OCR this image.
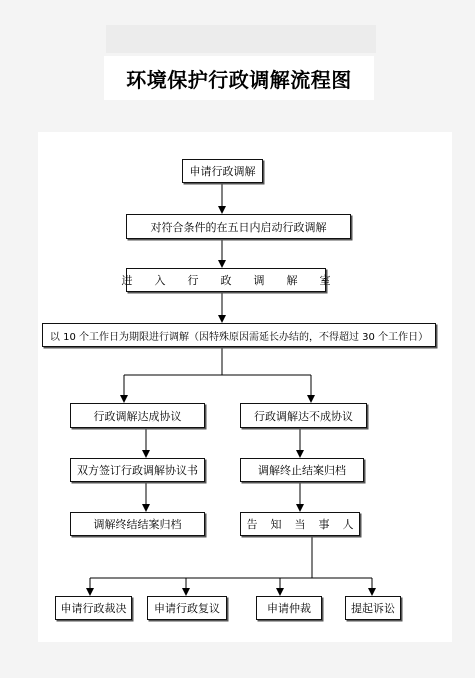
环境保护行政调解流程图
申请行政调解
对符合条件的在五日内启动行政调解
进入行政调解室
以 10 个工作日为期限进行调解（因特殊原因需延长办结的，不得超过 30 个工作日）
行政调解达成协议	行政调解达不成协议
双方签订行政调解协议书	调解终止结案归档
调解终结结案归档	告知当事人
申请行政裁决	申请行政复议	申请仲裁	提起诉讼
